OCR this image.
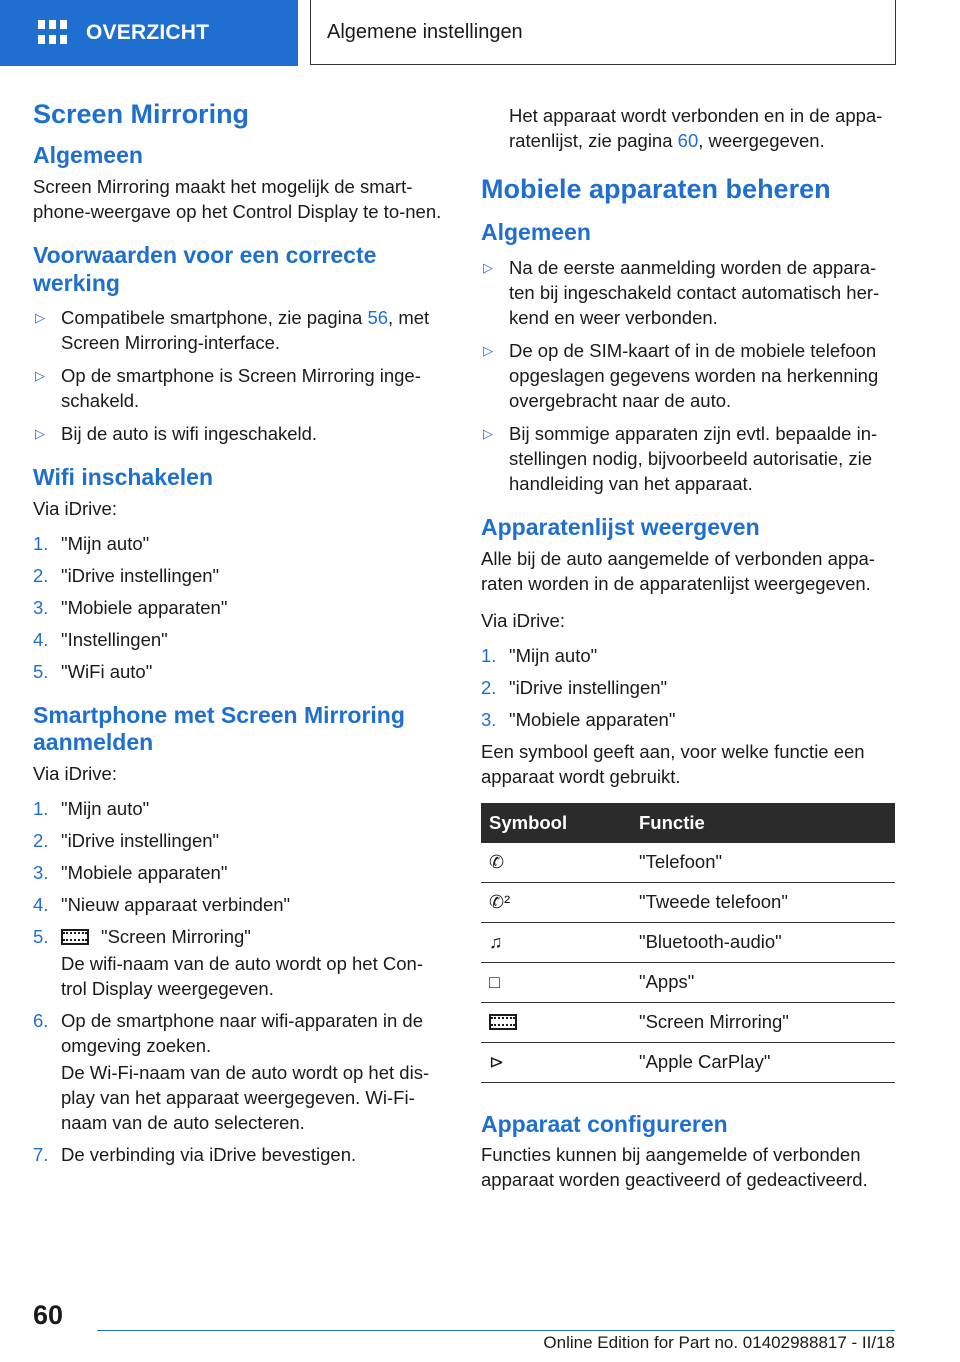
OVERZICHT	Algemene instellingen
Screen Mirroring
Algemeen

Screen Mirroring maakt het mogelijk de smart-phone-weergave op het Control Display te to-nen.

Voorwaarden voor een correcte werking
▷ Compatibele smartphone, zie pagina 56, met Screen Mirroring-interface.
▷ Op de smartphone is Screen Mirroring inge-schakeld.
▷ Bij de auto is wifi ingeschakeld.
Wifi inschakelen

Via iDrive:

1. "Mijn auto"
2. "iDrive instellingen"
3. "Mobiele apparaten"
4. "Instellingen"
5. "WiFi auto"
Smartphone met Screen Mirroring aanmelden

Via iDrive:

1. "Mijn auto"
2. "iDrive instellingen"
3. "Mobiele apparaten"
4. "Nieuw apparaat verbinden"
5.	"Screen Mirroring"

De wifi-naam van de auto wordt op het Con-trol Display weergegeven.

6. Op de smartphone naar wifi-apparaten in de omgeving zoeken.

De Wi-Fi-naam van de auto wordt op het dis-play van het apparaat weergegeven. Wi-Fi-naam van de auto selecteren.

7. De verbinding via iDrive bevestigen.

Het apparaat wordt verbonden en in de appa-ratenlijst, zie pagina 60, weergegeven.

Mobiele apparaten beheren
Algemeen
▷ Na de eerste aanmelding worden de appara-ten bij ingeschakeld contact automatisch her-kend en weer verbonden.
▷ De op de SIM-kaart of in de mobiele telefoon opgeslagen gegevens worden na herkenning overgebracht naar de auto.
▷ Bij sommige apparaten zijn evtl. bepaalde in-stellingen nodig, bijvoorbeeld autorisatie, zie handleiding van het apparaat.
Apparatenlijst weergeven

Alle bij de auto aangemelde of verbonden appa-raten worden in de apparatenlijst weergegeven.

Via iDrive:

1. "Mijn auto"
2. "iDrive instellingen"
3. "Mobiele apparaten"

Een symbool geeft aan, voor welke functie een apparaat wordt gebruikt.

Symbool	Functie
✆	"Telefoon"
✆²	"Tweede telefoon"
♫	"Bluetooth-audio"
□	"Apps"
	"Screen Mirroring"
⊳	"Apple CarPlay"
Apparaat configureren

Functies kunnen bij aangemelde of verbonden apparaat worden geactiveerd of gedeactiveerd.

60
Online Edition for Part no. 01402988817 - II/18
